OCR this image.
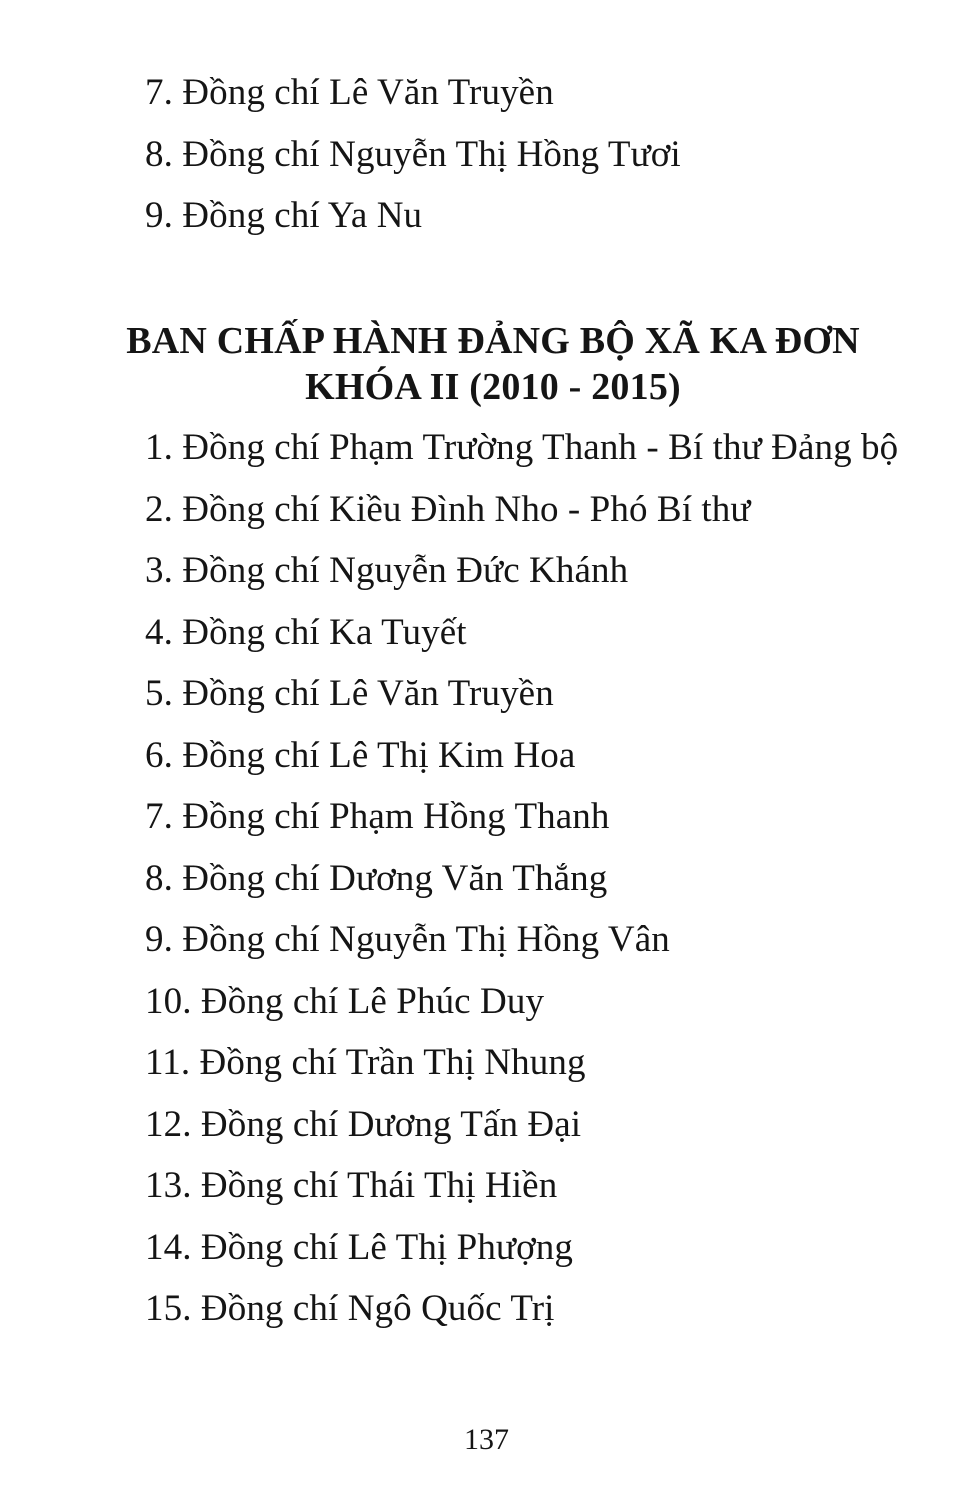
7. Đồng chí Lê Văn Truyền
8. Đồng chí Nguyễn Thị Hồng Tươi
9. Đồng chí Ya Nu
BAN CHẤP HÀNH ĐẢNG BỘ XÃ KA ĐƠN
KHÓA II (2010 - 2015)
1. Đồng chí Phạm Trường Thanh - Bí thư Đảng bộ
2. Đồng chí Kiều Đình Nho - Phó Bí thư
3. Đồng chí Nguyễn Đức Khánh
4. Đồng chí Ka Tuyết
5. Đồng chí Lê Văn Truyền
6. Đồng chí Lê Thị Kim Hoa
7. Đồng chí Phạm Hồng Thanh
8. Đồng chí Dương Văn Thắng
9. Đồng chí Nguyễn Thị Hồng Vân
10. Đồng chí Lê Phúc Duy
11. Đồng chí Trần Thị Nhung
12. Đồng chí Dương Tấn Đại
13. Đồng chí Thái Thị Hiền
14. Đồng chí Lê Thị Phượng
15. Đồng chí Ngô Quốc Trị
137
